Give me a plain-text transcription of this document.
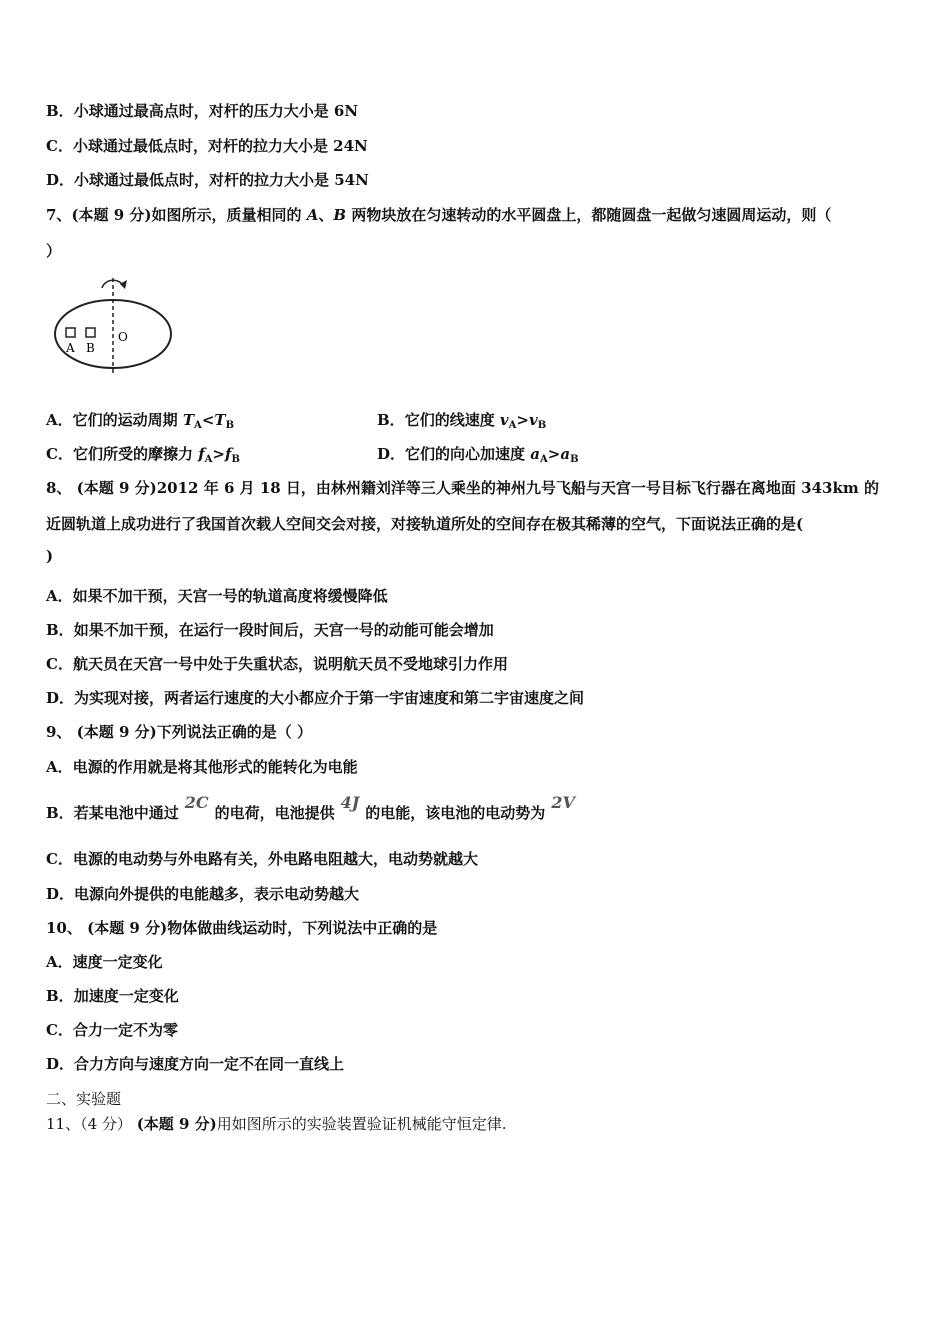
B．小球通过最高点时，对杆的压力大小是 6N
C．小球通过最低点时，对杆的拉力大小是 24N
D．小球通过最低点时，对杆的拉力大小是 54N
7、(本题 9 分)如图所示，质量相同的 A、B 两物块放在匀速转动的水平圆盘上，都随圆盘一起做匀速圆周运动，则（
）
A B
O
A．它们的运动周期 $T_A<T_B$	B．它们的线速度 $v_A>v_B$
C．它们所受的摩擦力 $f_A>f_B$	D．它们的向心加速度 $a_A>a_B$
8、 (本题 9 分)2012 年 6 月 18 日，由林州籍刘洋等三人乘坐的神州九号飞船与天宫一号目标飞行器在离地面 343km 的
近圆轨道上成功进行了我国首次载人空间交会对接，对接轨道所处的空间存在极其稀薄的空气，下面说法正确的是(
)
A．如果不加干预，天宫一号的轨道高度将缓慢降低
B．如果不加干预，在运行一段时间后，天宫一号的动能可能会增加
C．航天员在天宫一号中处于失重状态，说明航天员不受地球引力作用
D．为实现对接，两者运行速度的大小都应介于第一宇宙速度和第二宇宙速度之间
9、 (本题 9 分)下列说法正确的是（ ）
A．电源的作用就是将其他形式的能转化为电能
B．若某电池中通过2C的电荷，电池提供4J的电能，该电池的电动势为2V
C．电源的电动势与外电路有关，外电路电阻越大，电动势就越大
D．电源向外提供的电能越多，表示电动势越大
10、 (本题 9 分)物体做曲线运动时，下列说法中正确的是
A．速度一定变化
B．加速度一定变化
C．合力一定不为零
D．合力方向与速度方向一定不在同一直线上
二、实验题
11、（4 分） (本题 9 分)用如图所示的实验装置验证机械能守恒定律.
